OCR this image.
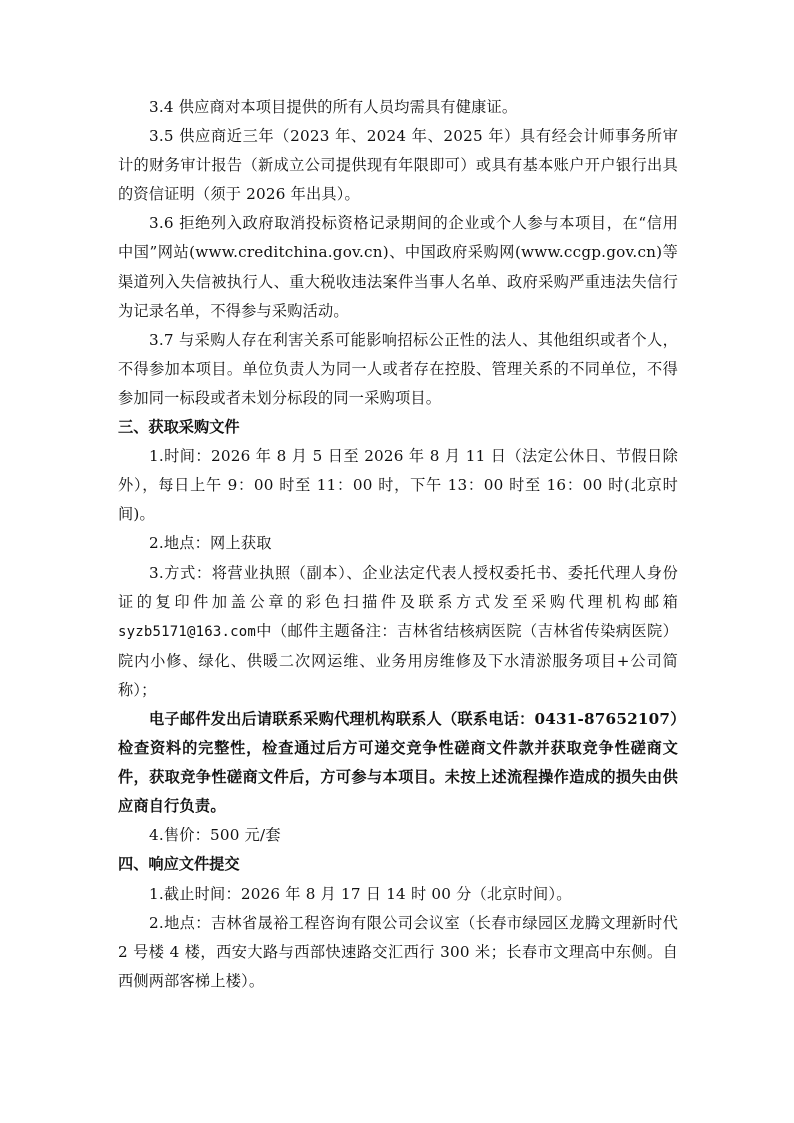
3.4 供应商对本项目提供的所有人员均需具有健康证。

3.5 供应商近三年（2023 年、2024 年、2025 年）具有经会计师事务所审计的财务审计报告（新成立公司提供现有年限即可）或具有基本账户开户银行出具的资信证明（须于 2026 年出具）。

3.6 拒绝列入政府取消投标资格记录期间的企业或个人参与本项目，在“信用中国”网站(www.creditchina.gov.cn)、中国政府采购网(www.ccgp.gov.cn)等渠道列入失信被执行人、重大税收违法案件当事人名单、政府采购严重违法失信行为记录名单，不得参与采购活动。

3.7 与采购人存在利害关系可能影响招标公正性的法人、其他组织或者个人，不得参加本项目。单位负责人为同一人或者存在控股、管理关系的不同单位，不得参加同一标段或者未划分标段的同一采购项目。

三、获取采购文件

1.时间：2026 年 8 月 5 日至 2026 年 8 月 11 日（法定公休日、节假日除外），每日上午 9：00 时至 11：00 时，下午 13：00 时至 16：00 时(北京时间)。

2.地点：网上获取

3.方式：将营业执照（副本）、企业法定代表人授权委托书、委托代理人身份证的复印件加盖公章的彩色扫描件及联系方式发至采购代理机构邮箱syzb5171@163.com中（邮件主题备注：吉林省结核病医院（吉林省传染病医院）院内小修、绿化、供暖二次网运维、业务用房维修及下水清淤服务项目+公司简称）；

电子邮件发出后请联系采购代理机构联系人（联系电话：0431-87652107）检查资料的完整性，检查通过后方可递交竞争性磋商文件款并获取竞争性磋商文件，获取竞争性磋商文件后，方可参与本项目。未按上述流程操作造成的损失由供应商自行负责。

4.售价：500 元/套

四、响应文件提交

1.截止时间：2026 年 8 月 17 日 14 时 00 分（北京时间）。

2.地点：吉林省晟裕工程咨询有限公司会议室（长春市绿园区龙腾文理新时代 2 号楼 4 楼，西安大路与西部快速路交汇西行 300 米；长春市文理高中东侧。自西侧两部客梯上楼）。
